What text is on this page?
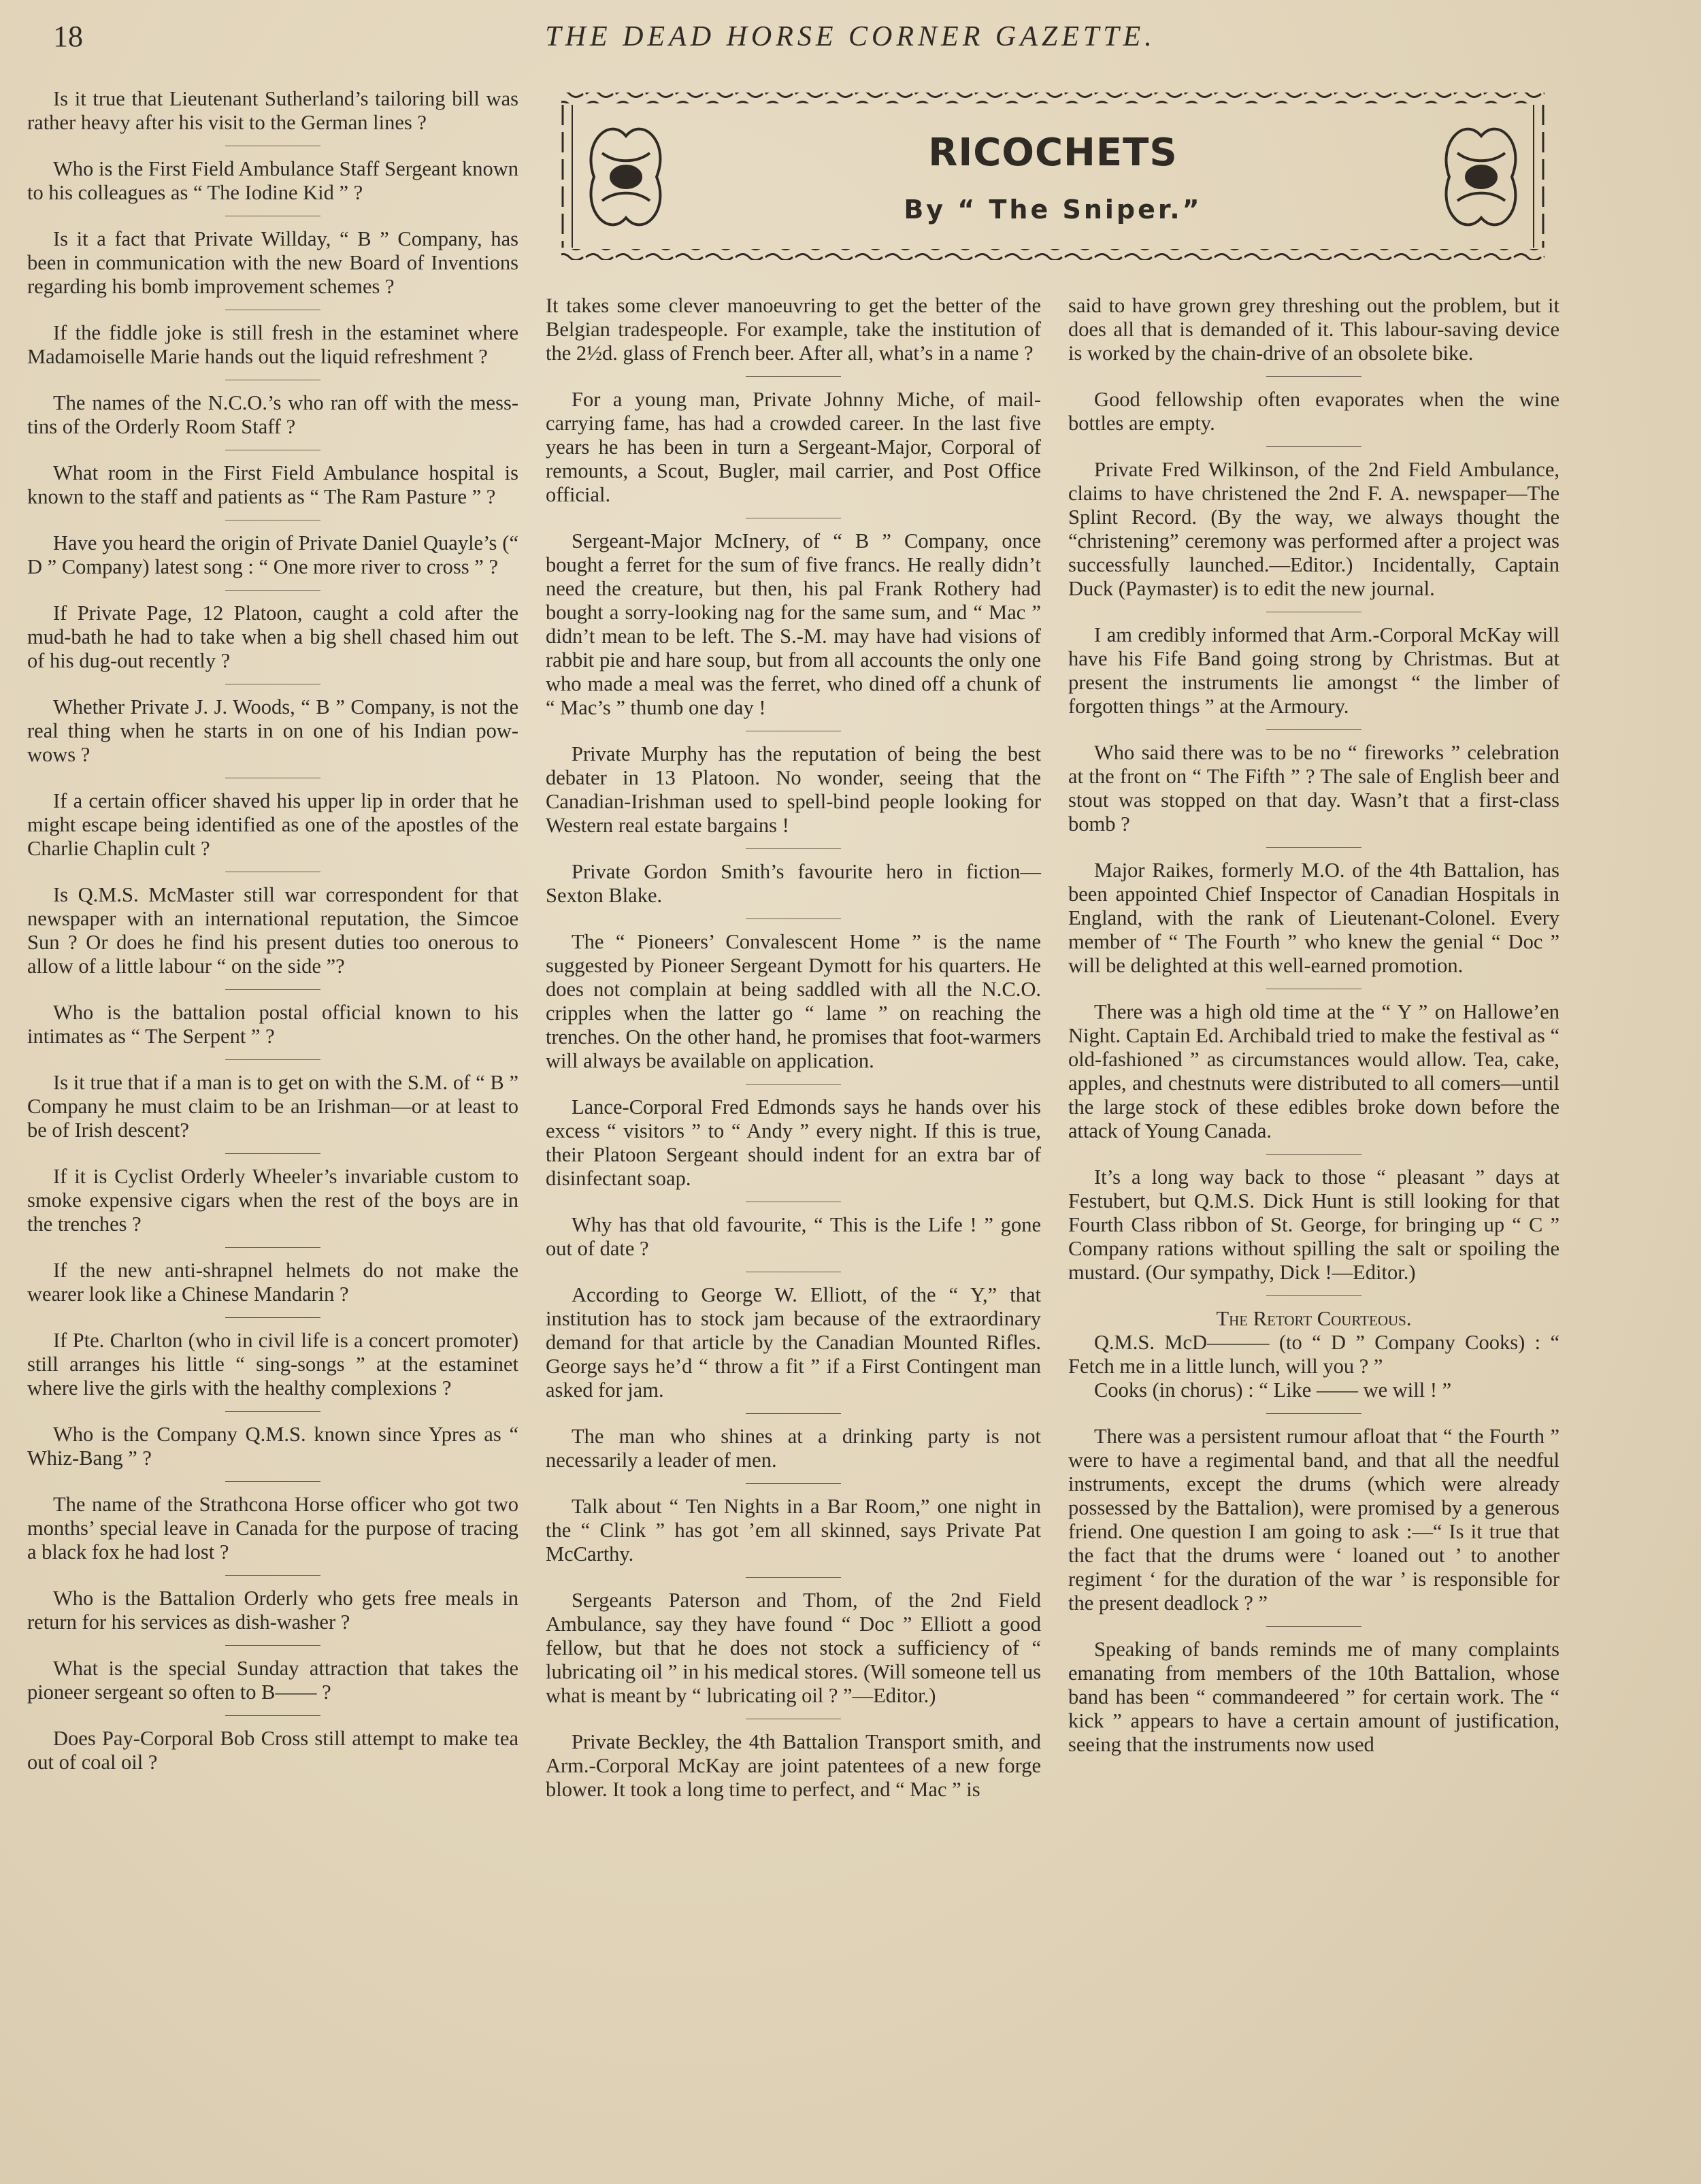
18	THE DEAD HORSE CORNER GAZETTE.

Is it true that Lieutenant Sutherland’s tailoring bill was rather heavy after his visit to the German lines ?

Who is the First Field Ambulance Staff Sergeant known to his colleagues as “ The Iodine Kid ” ?

Is it a fact that Private Willday, “ B ” Company, has been in communication with the new Board of Inventions regarding his bomb improvement schemes ?

If the fiddle joke is still fresh in the estaminet where Madamoiselle Marie hands out the liquid refreshment ?

The names of the N.C.O.’s who ran off with the mess-tins of the Orderly Room Staff ?

What room in the First Field Ambulance hospital is known to the staff and patients as “ The Ram Pasture ” ?

Have you heard the origin of Private Daniel Quayle’s (“ D ” Company) latest song : “ One more river to cross ” ?

If Private Page, 12 Platoon, caught a cold after the mud-bath he had to take when a big shell chased him out of his dug-out recently ?

Whether Private J. J. Woods, “ B ” Company, is not the real thing when he starts in on one of his Indian pow-wows ?

If a certain officer shaved his upper lip in order that he might escape being identified as one of the apostles of the Charlie Chaplin cult ?

Is Q.M.S. McMaster still war correspondent for that newspaper with an international reputation, the Simcoe Sun ? Or does he find his present duties too onerous to allow of a little labour “ on the side ”?

Who is the battalion postal official known to his intimates as “ The Serpent ” ?

Is it true that if a man is to get on with the S.M. of “ B ” Company he must claim to be an Irishman—or at least to be of Irish descent?

If it is Cyclist Orderly Wheeler’s invariable custom to smoke expensive cigars when the rest of the boys are in the trenches ?

If the new anti-shrapnel helmets do not make the wearer look like a Chinese Mandarin ?

If Pte. Charlton (who in civil life is a concert promoter) still arranges his little “ sing-songs ” at the estaminet where live the girls with the healthy complexions ?

Who is the Company Q.M.S. known since Ypres as “ Whiz-Bang ” ?

The name of the Strathcona Horse officer who got two months’ special leave in Canada for the purpose of tracing a black fox he had lost ?

Who is the Battalion Orderly who gets free meals in return for his services as dish-washer ?

What is the special Sunday attraction that takes the pioneer sergeant so often to B—— ?

Does Pay-Corporal Bob Cross still attempt to make tea out of coal oil ?

RICOCHETS
By “ The Sniper.”

It takes some clever manoeuvring to get the better of the Belgian tradespeople. For example, take the institution of the 2½d. glass of French beer. After all, what’s in a name ?

For a young man, Private Johnny Miche, of mail-carrying fame, has had a crowded career. In the last five years he has been in turn a Sergeant-Major, Corporal of remounts, a Scout, Bugler, mail carrier, and Post Office official.

Sergeant-Major McInery, of “ B ” Company, once bought a ferret for the sum of five francs. He really didn’t need the creature, but then, his pal Frank Rothery had bought a sorry-looking nag for the same sum, and “ Mac ” didn’t mean to be left. The S.-M. may have had visions of rabbit pie and hare soup, but from all accounts the only one who made a meal was the ferret, who dined off a chunk of “ Mac’s ” thumb one day !

Private Murphy has the reputation of being the best debater in 13 Platoon. No wonder, seeing that the Canadian-Irishman used to spell-bind people looking for Western real estate bargains !

Private Gordon Smith’s favourite hero in fiction—Sexton Blake.

The “ Pioneers’ Convalescent Home ” is the name suggested by Pioneer Sergeant Dymott for his quarters. He does not complain at being saddled with all the N.C.O. cripples when the latter go “ lame ” on reaching the trenches. On the other hand, he promises that foot-warmers will always be available on application.

Lance-Corporal Fred Edmonds says he hands over his excess “ visitors ” to “ Andy ” every night. If this is true, their Platoon Sergeant should indent for an extra bar of disinfectant soap.

Why has that old favourite, “ This is the Life ! ” gone out of date ?

According to George W. Elliott, of the “ Y,” that institution has to stock jam because of the extraordinary demand for that article by the Canadian Mounted Rifles. George says he’d “ throw a fit ” if a First Contingent man asked for jam.

The man who shines at a drinking party is not necessarily a leader of men.

Talk about “ Ten Nights in a Bar Room,” one night in the “ Clink ” has got ’em all skinned, says Private Pat McCarthy.

Sergeants Paterson and Thom, of the 2nd Field Ambulance, say they have found “ Doc ” Elliott a good fellow, but that he does not stock a sufficiency of “ lubricating oil ” in his medical stores. (Will someone tell us what is meant by “ lubricating oil ? ”—Editor.)

Private Beckley, the 4th Battalion Transport smith, and Arm.-Corporal McKay are joint patentees of a new forge blower. It took a long time to perfect, and “ Mac ” is

said to have grown grey threshing out the problem, but it does all that is demanded of it. This labour-saving device is worked by the chain-drive of an obsolete bike.

Good fellowship often evaporates when the wine bottles are empty.

Private Fred Wilkinson, of the 2nd Field Ambulance, claims to have christened the 2nd F. A. newspaper—The Splint Record. (By the way, we always thought the “christening” ceremony was performed after a project was successfully launched.—Editor.) Incidentally, Captain Duck (Paymaster) is to edit the new journal.

I am credibly informed that Arm.-Corporal McKay will have his Fife Band going strong by Christmas. But at present the instruments lie amongst “ the limber of forgotten things ” at the Armoury.

Who said there was to be no “ fireworks ” celebration at the front on “ The Fifth ” ? The sale of English beer and stout was stopped on that day. Wasn’t that a first-class bomb ?

Major Raikes, formerly M.O. of the 4th Battalion, has been appointed Chief Inspector of Canadian Hospitals in England, with the rank of Lieutenant-Colonel. Every member of “ The Fourth ” who knew the genial “ Doc ” will be delighted at this well-earned promotion.

There was a high old time at the “ Y ” on Hallowe’en Night. Captain Ed. Archibald tried to make the festival as “ old-fashioned ” as circumstances would allow. Tea, cake, apples, and chestnuts were distributed to all comers—until the large stock of these edibles broke down before the attack of Young Canada.

It’s a long way back to those “ pleasant ” days at Festubert, but Q.M.S. Dick Hunt is still looking for that Fourth Class ribbon of St. George, for bringing up “ C ” Company rations without spilling the salt or spoiling the mustard. (Our sympathy, Dick !—Editor.)

The Retort Courteous.

Q.M.S. McD——— (to “ D ” Company Cooks) : “ Fetch me in a little lunch, will you ? ”

Cooks (in chorus) : “ Like —— we will ! ”

There was a persistent rumour afloat that “ the Fourth ” were to have a regimental band, and that all the needful instruments, except the drums (which were already possessed by the Battalion), were promised by a generous friend. One question I am going to ask :—“ Is it true that the fact that the drums were ‘ loaned out ’ to another regiment ‘ for the duration of the war ’ is responsible for the present deadlock ? ”

Speaking of bands reminds me of many complaints emanating from members of the 10th Battalion, whose band has been “ commandeered ” for certain work. The “ kick ” appears to have a certain amount of justification, seeing that the instruments now used
